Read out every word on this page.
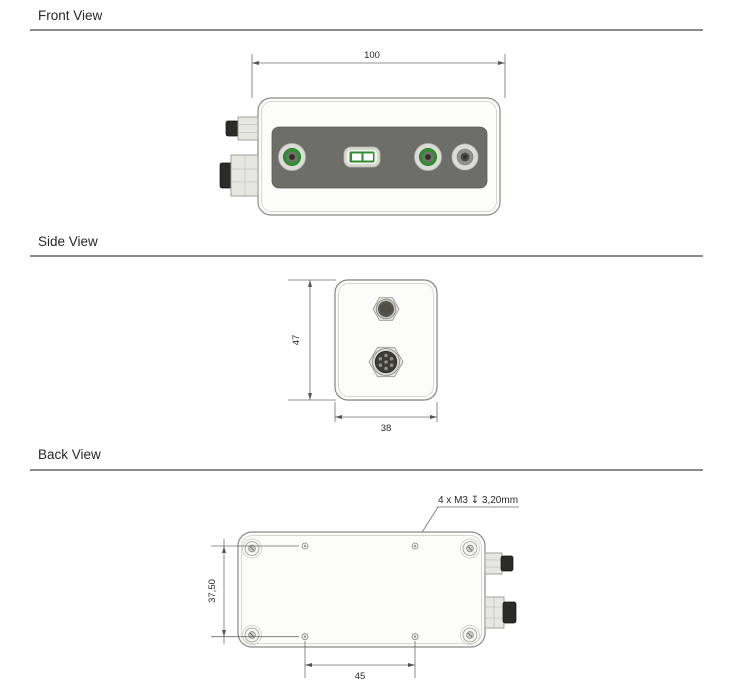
Front View
100
Side View
47
38
Back View
4 x M3 ↧ 3,20mm
37,50
45
